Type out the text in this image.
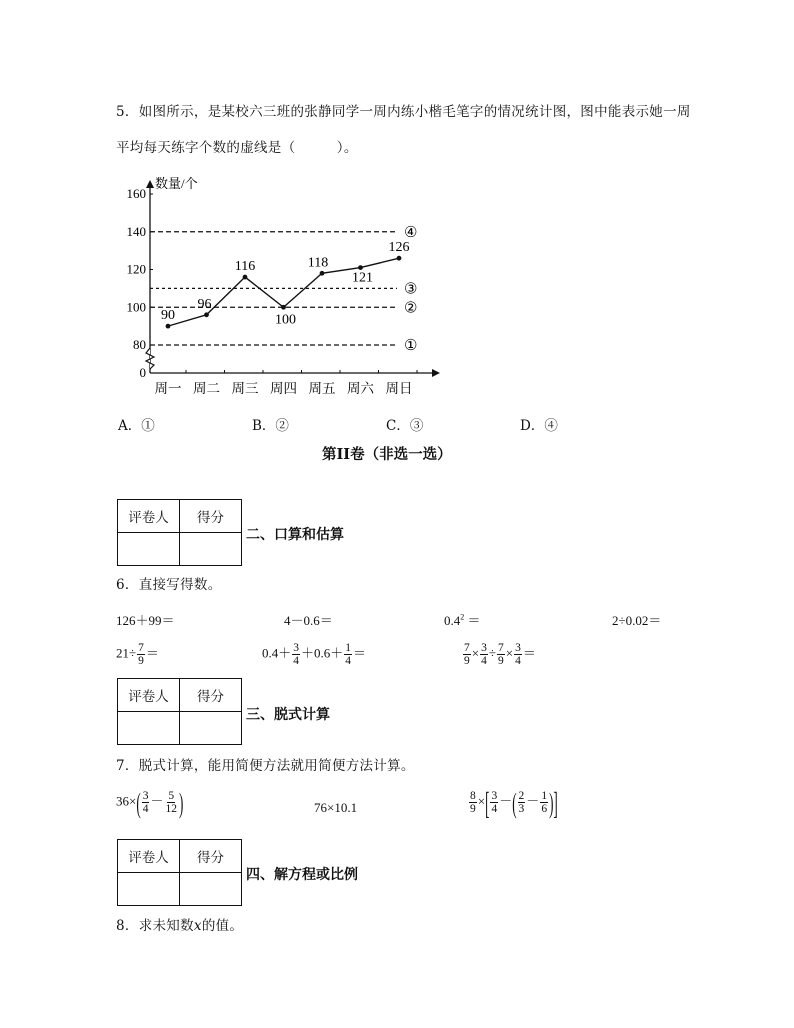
5．如图所示，是某校六三班的张静同学一周内练小楷毛笔字的情况统计图，图中能表示她一周
平均每天练字个数的虚线是（　　　）。
数量/个
0
80
100
120
140
160
④
③
②
①
周一 周二 周三 周四 周五 周六 周日
90
96
116
100
118
121
126
A．①	B．②	C．③	D．④
第II卷（非选一选）
评卷人	得分

二、口算和估算
6．直接写得数。
126＋99＝	4－0.6＝	$0.4^2$ ＝	2÷0.02＝
$21\div \frac{7}{9}$ ＝	$0.4+ \frac{3}{4} +0.6+ \frac{1}{4}$ ＝	$\frac{7}{9} \times \frac{3}{4} \div \frac{7}{9} \times \frac{3}{4}$ ＝
评卷人	得分

三、脱式计算
7．脱式计算，能用简便方法就用简便方法计算。
$36\times( \frac{3}{4} - \frac{5}{12}$ )	76×10.1	$\frac{8}{9}$ ×[ $\frac{3}{4}$ －( $\frac{2}{3} - \frac{1}{6}$ )]
评卷人	得分

四、解方程或比例
8．求未知数x的值。
